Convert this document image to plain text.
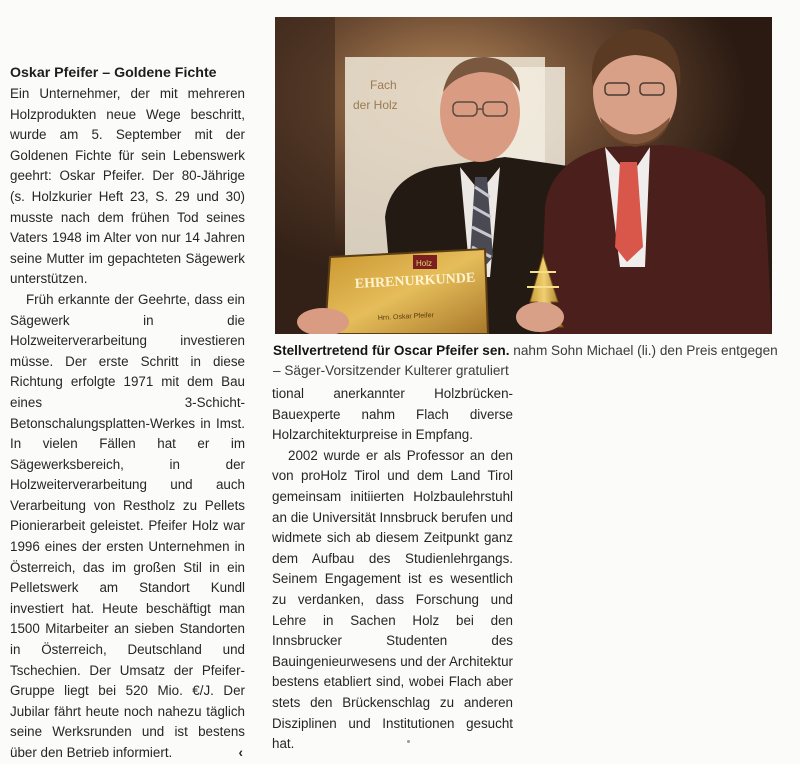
Oskar Pfeifer – Goldene Fichte

Ein Unternehmer, der mit mehreren Holzprodukten neue Wege beschritt, wurde am 5. September mit der Goldenen Fichte für sein Lebenswerk geehrt: Oskar Pfeifer. Der 80-Jährige (s. Holzkurier Heft 23, S. 29 und 30) musste nach dem frühen Tod seines Vaters 1948 im Alter von nur 14 Jahren seine Mutter im gepachteten Sägewerk unterstützen.

Früh erkannte der Geehrte, dass ein Sägewerk in die Holzweiterverarbeitung investieren müsse. Der erste Schritt in diese Richtung erfolgte 1971 mit dem Bau eines 3-Schicht-Betonschalungsplatten-Werkes in Imst. In vielen Fällen hat er im Sägewerksbereich, in der Holzweiterverarbeitung und auch Verarbeitung von Restholz zu Pellets Pionierarbeit geleistet. Pfeifer Holz war 1996 eines der ersten Unternehmen in Österreich, das im großen Stil in ein Pelletswerk am Standort Kundl investiert hat. Heute beschäftigt man 1500 Mitarbeiter an sieben Standorten in Österreich, Deutschland und Tschechien. Der Umsatz der Pfeifer-Gruppe liegt bei 520 Mio. €/J. Der Jubilar fährt heute noch nahezu täglich seine Werksrunden und ist bestens über den Betrieb informiert.	‹

Fach
der Holz
Holz
EHRENURKUNDE
Hrn. Oskar Pfeifer
Stellvertretend für Oscar Pfeifer sen. nahm Sohn Michael (li.) den Preis entgegen – Säger-Vorsitzender Kulterer gratuliert

tional anerkannter Holzbrücken-Bauexperte nahm Flach diverse Holzarchitekturpreise in Empfang.

2002 wurde er als Professor an den von proHolz Tirol und dem Land Tirol gemeinsam initiierten Holzbaulehrstuhl an die Universität Innsbruck berufen und widmete sich ab diesem Zeitpunkt ganz dem Aufbau des Studienlehrgangs. Seinem Engagement ist es wesentlich zu verdanken, dass Forschung und Lehre in Sachen Holz bei den Innsbrucker Studenten des Bauingenieurwesens und der Architektur bestens etabliert sind, wobei Flach aber stets den Brückenschlag zu anderen Disziplinen und Institutionen gesucht hat.
